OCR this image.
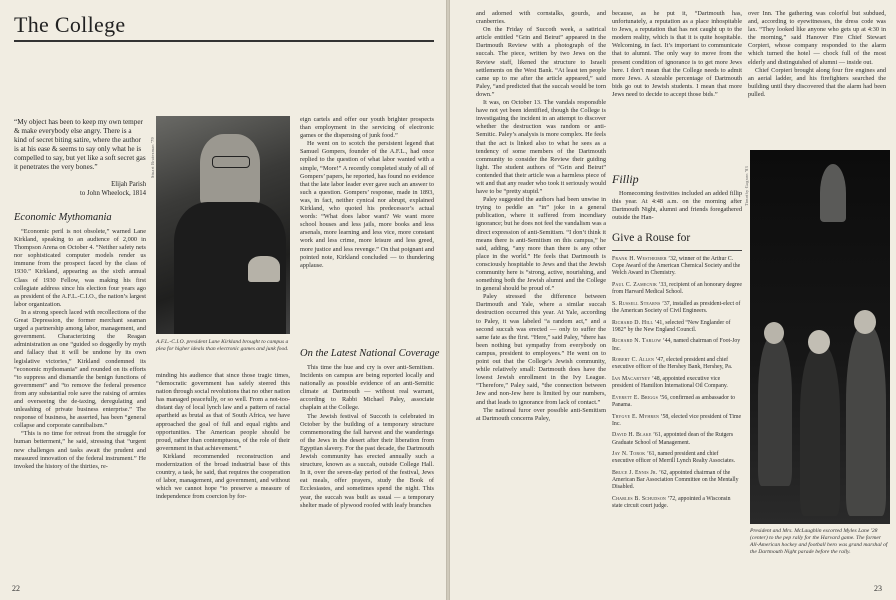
The College
“My object has been to keep my own temper & make everybody else angry. There is a kind of secret biting satire, where the author is at his ease & seems to say only what he is compelled to say, but yet like a soft secret gas it penetrates the very bones.”
Elijah Parish
to John Wheelock, 1814
Economic Mythomania

“Economic peril is not obsolete,” warned Lane Kirkland, speaking to an audience of 2,000 in Thompson Arena on October 4. “Neither safety nets nor sophisticated computer models render us immune from the prospect faced by the class of 1930.” Kirkland, appearing as the sixth annual Class of 1930 Fellow, was making his first collegiate address since his election four years ago as president of the A.F.L.-C.I.O., the nation’s largest labor organization.

In a strong speech laced with recollections of the Great Depression, the former merchant seaman urged a partnership among labor, management, and government. Characterizing the Reagan administration as one “guided so doggedly by myth and fallacy that it will be undone by its own legislative victories,” Kirkland condemned its “economic mythomania” and rounded on its efforts “to suppress and dismantle the benign functions of government” and “to remove the federal presence from any substantial role save the raising of armies and overseeing the de-taxing, deregulating and unleashing of private business enterprise.” The response of business, he asserted, has been “general collapse and corporate cannibalism.”

“This is no time for retreat from the struggle for human betterment,” he said, stressing that “urgent new challenges and tasks await the prudent and measured innovation of the federal instrument.” He invoked the history of the thirties, re-

Stuart Bratesman '79
A.F.L.-C.I.O. president Lane Kirkland brought to campus a plea for higher ideals than electronic games and junk food.

minding his audience that since those tragic times, “democratic government has safely steered this nation through social revolutions that no other nation has managed peacefully, or so well. From a not-too-distant day of local lynch law and a pattern of racial apartheid as brutal as that of South Africa, we have approached the goal of full and equal rights and opportunities. The American people should be proud, rather than contemptuous, of the role of their government in that achievement.”

Kirkland recommended reconstruction and modernization of the broad industrial base of this country, a task, he said, that requires the cooperation of labor, management, and government, and without which we cannot hope “to preserve a measure of independence from coercion by for-

eign cartels and offer our youth brighter prospects than employment in the servicing of electronic games or the dispensing of junk food.”

He went on to scotch the persistent legend that Samuel Gompers, founder of the A.F.L., had once replied to the question of what labor wanted with a simple, “More!” A recently completed study of all of Gompers’ papers, he reported, has found no evidence that the late labor leader ever gave such an answer to such a question. Gompers’ response, made in 1893, was, in fact, neither cynical nor abrupt, explained Kirkland, who quoted his predecessor’s actual words: “What does labor want? We want more school houses and less jails, more books and less arsenals, more learning and less vice, more constant work and less crime, more leisure and less greed, more justice and less revenge.” On that poignant and pointed note, Kirkland concluded — to thundering applause.

On the Latest National Coverage

This time the hue and cry is over anti-Semitism. Incidents on campus are being reported locally and nationally as possible evidence of an anti-Semitic climate at Dartmouth — without real warrant, according to Rabbi Michael Paley, associate chaplain at the College.

The Jewish festival of Succoth is celebrated in October by the building of a temporary structure commemorating the fall harvest and the wanderings of the Jews in the desert after their liberation from Egyptian slavery. For the past decade, the Dartmouth Jewish community has erected annually such a structure, known as a succah, outside College Hall. In it, over the seven-day period of the festival, Jews eat meals, offer prayers, study the Book of Ecclesiastes, and sometimes spend the night. This year, the succah was built as usual — a temporary shelter made of plywood roofed with leafy branches

22

and adorned with cornstalks, gourds, and cranberries.

On the Friday of Succoth week, a satirical article entitled “Grin and Beirut” appeared in the Dartmouth Review with a photograph of the succah. The piece, written by two Jews on the Review staff, likened the structure to Israeli settlements on the West Bank. “At least ten people came up to me after the article appeared,” said Paley, “and predicted that the succah would be torn down.”

It was, on October 13. The vandals responsible have not yet been identified, though the College is investigating the incident in an attempt to discover whether the destruction was random or anti-Semitic. Paley’s analysis is more complex. He feels that the act is linked also to what he sees as a tendency of some members of the Dartmouth community to consider the Review their guiding light. The student authors of “Grin and Beirut” contended that their article was a harmless piece of wit and that any reader who took it seriously would have to be “pretty stupid.”

Paley suggested the authors had been unwise in trying to peddle an “in” joke in a general publication, where it suffered from incendiary ignorance; but he does not feel the vandalism was a direct expression of anti-Semitism. “I don’t think it means there is anti-Semitism on this campus,” he said, adding, “any more than there is any other place in the world.” He feels that Dartmouth is consciously hospitable to Jews and that the Jewish community here is “strong, active, nourishing, and something both the Jewish alumni and the College in general should be proud of.”

Paley stressed the difference between Dartmouth and Yale, where a similar succah destruction occurred this year. At Yale, according to Paley, it was labeled “a random act,” and a second succah was erected — only to suffer the same fate as the first. “Here,” said Paley, “there has been nothing but sympathy from everybody on campus, president to employees.” He went on to point out that the College’s Jewish community, while relatively small: Dartmouth does have the lowest Jewish enrollment in the Ivy League. “Therefore,” Paley said, “the connection between Jew and non-Jew here is limited by our numbers, and that leads to ignorance from lack of contact.”

The national furor over possible anti-Semitism at Dartmouth concerns Paley,

because, as he put it, “Dartmouth has, unfortunately, a reputation as a place inhospitable to Jews, a reputation that has not caught up to the modern reality, which is that it is quite hospitable. Welcoming, in fact. It’s important to communicate that to alumni. The only way to move from the present condition of ignorance is to get more Jews here. I don’t mean that the College needs to admit more Jews. A sizeable percentage of Dartmouth bids go out to Jewish students. I mean that more Jews need to decide to accept those bids.”

Fillip

Homecoming festivities included an added fillip this year. At 4:48 a.m. on the morning after Dartmouth Night, alumni and friends foregathered outside the Han-

Give a Rouse for
Frank H. Westheimer ’32, winner of the Arthur C. Cope Award of the American Chemical Society and the Welch Award in Chemistry.
Paul C. Zamecnik ’33, recipient of an honorary degree from Harvard Medical School.
S. Russell Stearns ’37, installed as president-elect of the American Society of Civil Engineers.
Richard D. Hill ’41, selected “New Englander of 1982” by the New England Council.
Richard N. Tarlow ’44, named chairman of Foot-Joy Inc.
Robert C. Allen ’47, elected president and chief executive officer of the Hershey Bank, Hershey, Pa.
Ian Macartney ’48, appointed executive vice president of Hamilton International Oil Company.
Everett E. Briggs ’56, confirmed as ambassador to Panama.
Trygve E. Myhren ’58, elected vice president of Time Inc.
David H. Blake ’61, appointed dean of the Rutgers Graduate School of Management.
Jay N. Torok ’61, named president and chief executive officer of Merrill Lynch Realty Associates.
Bruce J. Ennis Jr. ’62, appointed chairman of the American Bar Association Committee on the Mentally Disabled.
Charles B. Schudson ’72, appointed a Wisconsin state circuit court judge.

over Inn. The gathering was colorful but subdued, and, according to eyewitnesses, the dress code was lax. “They looked like anyone who gets up at 4:30 in the morning,” said Hanover Fire Chief Stewart Corpieri, whose company responded to the alarm which turned the hotel — chock full of the most elderly and distinguished of alumni — inside out.

Chief Corpieri brought along four fire engines and an aerial ladder, and his firefighters searched the building until they discovered that the alarm had been pulled.

Timothy Gagnon '83
President and Mrs. McLaughlin escorted Myles Lane '28 (center) to the pep rally for the Harvard game. The former All-American hockey and football hero was grand marshal of the Dartmouth Night parade before the rally.
23
